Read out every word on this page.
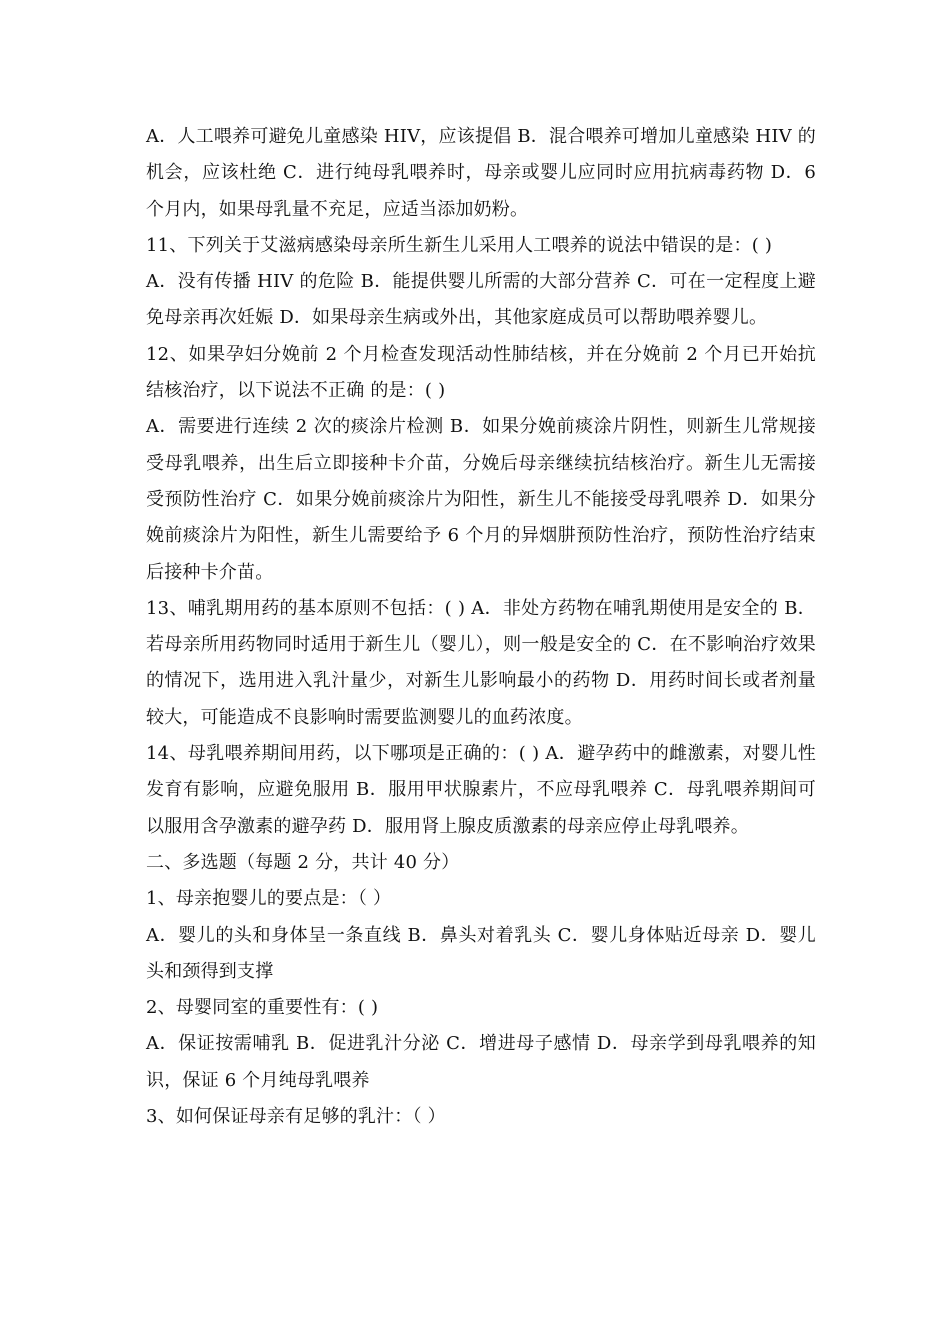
A．人工喂养可避免儿童感染 HIV，应该提倡 B．混合喂养可增加儿童感染 HIV 的机会，应该杜绝 C．进行纯母乳喂养时，母亲或婴儿应同时应用抗病毒药物 D．6 个月内，如果母乳量不充足，应适当添加奶粉。

11、下列关于艾滋病感染母亲所生新生儿采用人工喂养的说法中错误的是：( )

A．没有传播 HIV 的危险 B．能提供婴儿所需的大部分营养 C．可在一定程度上避免母亲再次妊娠 D．如果母亲生病或外出，其他家庭成员可以帮助喂养婴儿。

12、如果孕妇分娩前 2 个月检查发现活动性肺结核，并在分娩前 2 个月已开始抗结核治疗，以下说法不正确 的是：( )

A．需要进行连续 2 次的痰涂片检测 B．如果分娩前痰涂片阴性，则新生儿常规接受母乳喂养，出生后立即接种卡介苗，分娩后母亲继续抗结核治疗。新生儿无需接受预防性治疗 C．如果分娩前痰涂片为阳性，新生儿不能接受母乳喂养 D．如果分娩前痰涂片为阳性，新生儿需要给予 6 个月的异烟肼预防性治疗，预防性治疗结束后接种卡介苗。

13、哺乳期用药的基本原则不包括：( ) A．非处方药物在哺乳期使用是安全的 B．若母亲所用药物同时适用于新生儿（婴儿），则一般是安全的 C．在不影响治疗效果的情况下，选用进入乳汁量少，对新生儿影响最小的药物 D．用药时间长或者剂量较大，可能造成不良影响时需要监测婴儿的血药浓度。

14、母乳喂养期间用药，以下哪项是正确的：( ) A．避孕药中的雌激素，对婴儿性发育有影响，应避免服用 B．服用甲状腺素片，不应母乳喂养 C．母乳喂养期间可以服用含孕激素的避孕药 D．服用肾上腺皮质激素的母亲应停止母乳喂养。

二、多选题（每题 2 分，共计 40 分）

1、母亲抱婴儿的要点是：（ ）

A．婴儿的头和身体呈一条直线 B．鼻头对着乳头 C．婴儿身体贴近母亲 D．婴儿头和颈得到支撑

2、母婴同室的重要性有：( )

A．保证按需哺乳 B．促进乳汁分泌 C．增进母子感情 D．母亲学到母乳喂养的知识，保证 6 个月纯母乳喂养

3、如何保证母亲有足够的乳汁：（ ）
